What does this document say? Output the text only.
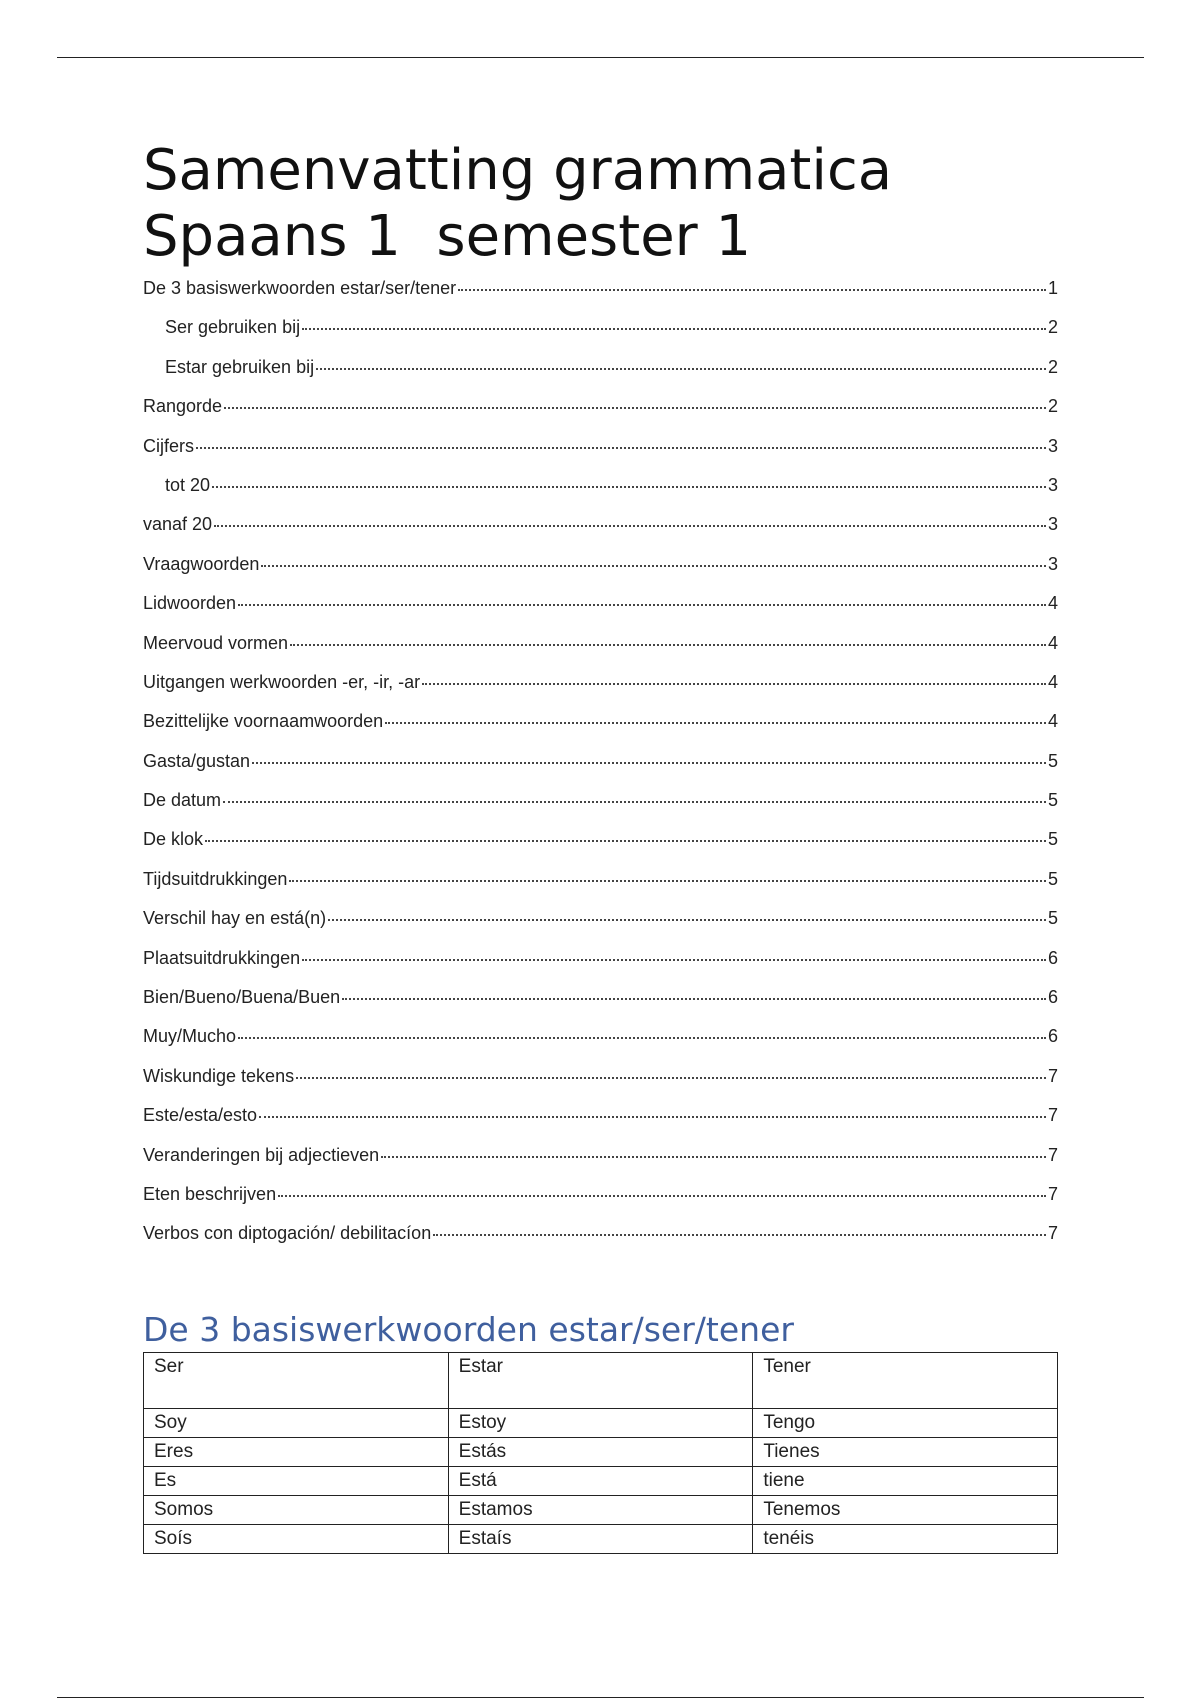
Samenvatting grammatica
Spaans 1  semester 1
De 3 basiswerkwoorden estar/ser/tener	1
Ser gebruiken bij	2
Estar gebruiken bij	2
Rangorde	2
Cijfers	3
tot 20	3
vanaf 20	3
Vraagwoorden	3
Lidwoorden	4
Meervoud vormen	4
Uitgangen werkwoorden -er, -ir, -ar	4
Bezittelijke voornaamwoorden	4
Gasta/gustan	5
De datum	5
De klok	5
Tijdsuitdrukkingen	5
Verschil hay en está(n)	5
Plaatsuitdrukkingen	6
Bien/Bueno/Buena/Buen	6
Muy/Mucho	6
Wiskundige tekens	7
Este/esta/esto	7
Veranderingen bij adjectieven	7
Eten beschrijven	7
Verbos con diptogación/ debilitacíon	7
De 3 basiswerkwoorden estar/ser/tener
Ser	Estar	Tener
Soy	Estoy	Tengo
Eres	Estás	Tienes
Es	Está	tiene
Somos	Estamos	Tenemos
Soís	Estaís	tenéis
